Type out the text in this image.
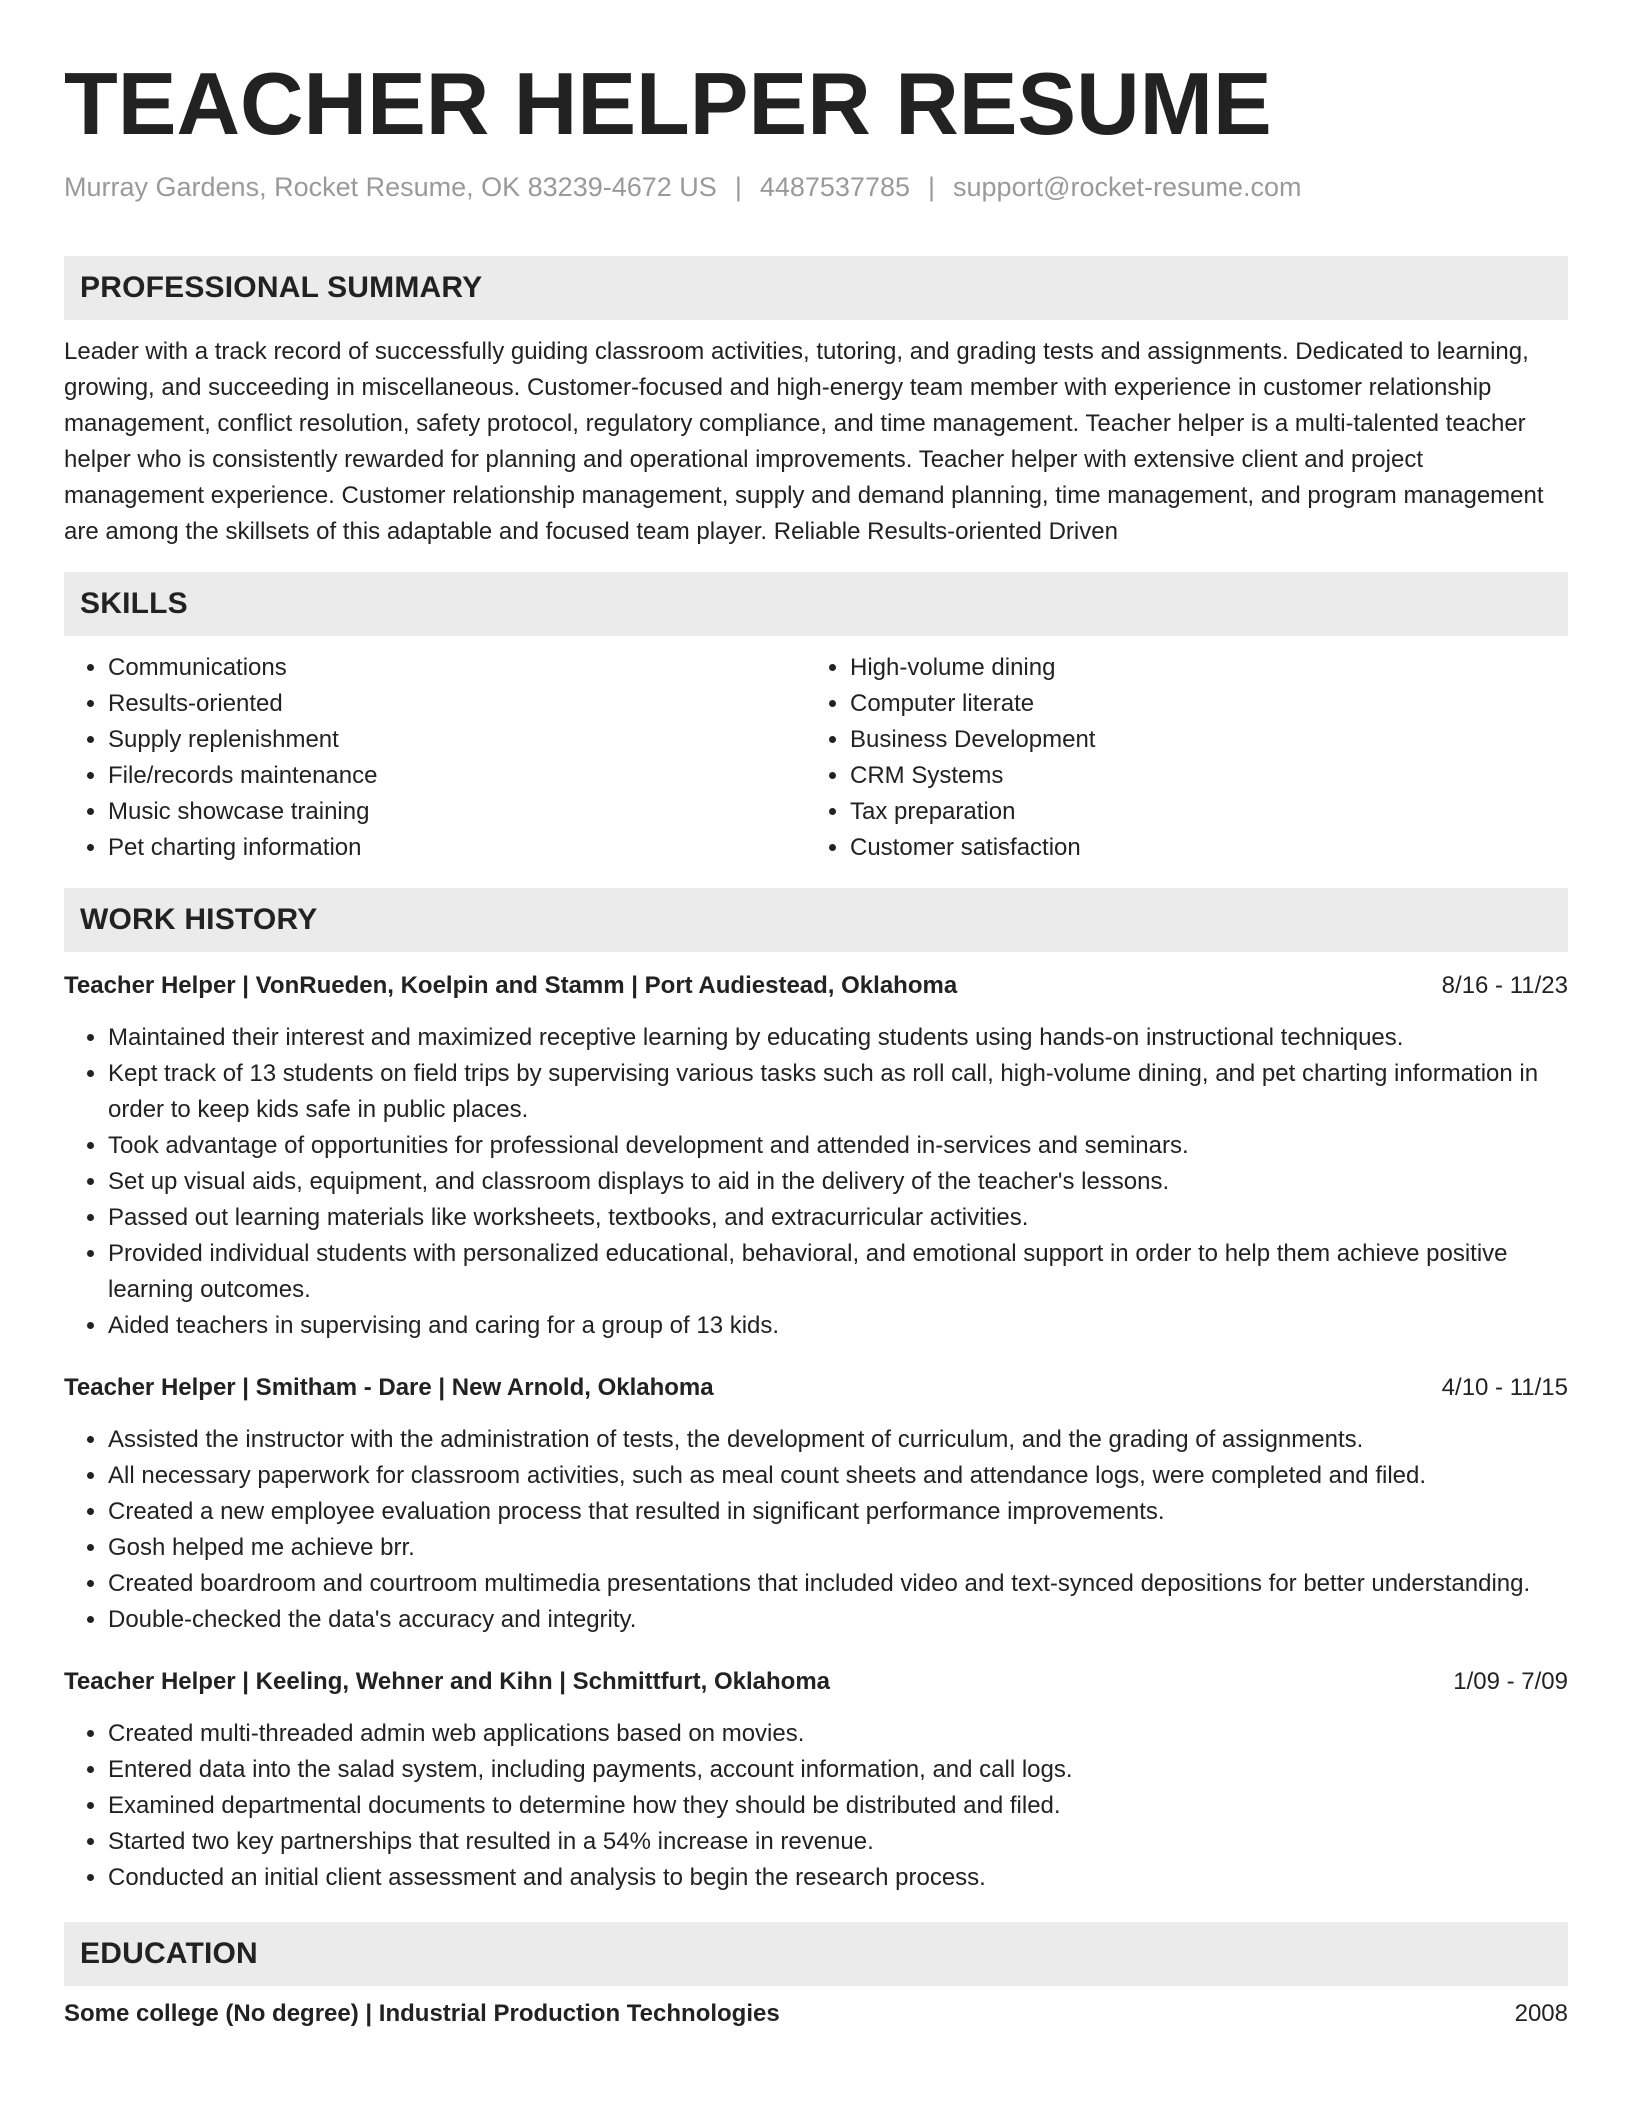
TEACHER HELPER RESUME
Murray Gardens, Rocket Resume, OK 83239-4672 US | 4487537785 | support@rocket-resume.com
PROFESSIONAL SUMMARY

Leader with a track record of successfully guiding classroom activities, tutoring, and grading tests and assignments. Dedicated to learning, growing, and succeeding in miscellaneous. Customer-focused and high-energy team member with experience in customer relationship management, conflict resolution, safety protocol, regulatory compliance, and time management. Teacher helper is a multi-talented teacher helper who is consistently rewarded for planning and operational improvements. Teacher helper with extensive client and project management experience. Customer relationship management, supply and demand planning, time management, and program management are among the skillsets of this adaptable and focused team player. Reliable Results-oriented Driven

SKILLS
• Communications
• Results-oriented
• Supply replenishment
• File/records maintenance
• Music showcase training
• Pet charting information
• High-volume dining
• Computer literate
• Business Development
• CRM Systems
• Tax preparation
• Customer satisfaction
WORK HISTORY
Teacher Helper | VonRueden, Koelpin and Stamm | Port Audiestead, Oklahoma	8/16 - 11/23
• Maintained their interest and maximized receptive learning by educating students using hands-on instructional techniques.
• Kept track of 13 students on field trips by supervising various tasks such as roll call, high-volume dining, and pet charting information in order to keep kids safe in public places.
• Took advantage of opportunities for professional development and attended in-services and seminars.
• Set up visual aids, equipment, and classroom displays to aid in the delivery of the teacher's lessons.
• Passed out learning materials like worksheets, textbooks, and extracurricular activities.
• Provided individual students with personalized educational, behavioral, and emotional support in order to help them achieve positive learning outcomes.
• Aided teachers in supervising and caring for a group of 13 kids.
Teacher Helper | Smitham - Dare | New Arnold, Oklahoma	4/10 - 11/15
• Assisted the instructor with the administration of tests, the development of curriculum, and the grading of assignments.
• All necessary paperwork for classroom activities, such as meal count sheets and attendance logs, were completed and filed.
• Created a new employee evaluation process that resulted in significant performance improvements.
• Gosh helped me achieve brr.
• Created boardroom and courtroom multimedia presentations that included video and text-synced depositions for better understanding.
• Double-checked the data's accuracy and integrity.
Teacher Helper | Keeling, Wehner and Kihn | Schmittfurt, Oklahoma	1/09 - 7/09
• Created multi-threaded admin web applications based on movies.
• Entered data into the salad system, including payments, account information, and call logs.
• Examined departmental documents to determine how they should be distributed and filed.
• Started two key partnerships that resulted in a 54% increase in revenue.
• Conducted an initial client assessment and analysis to begin the research process.
EDUCATION
Some college (No degree) | Industrial Production Technologies	2008
